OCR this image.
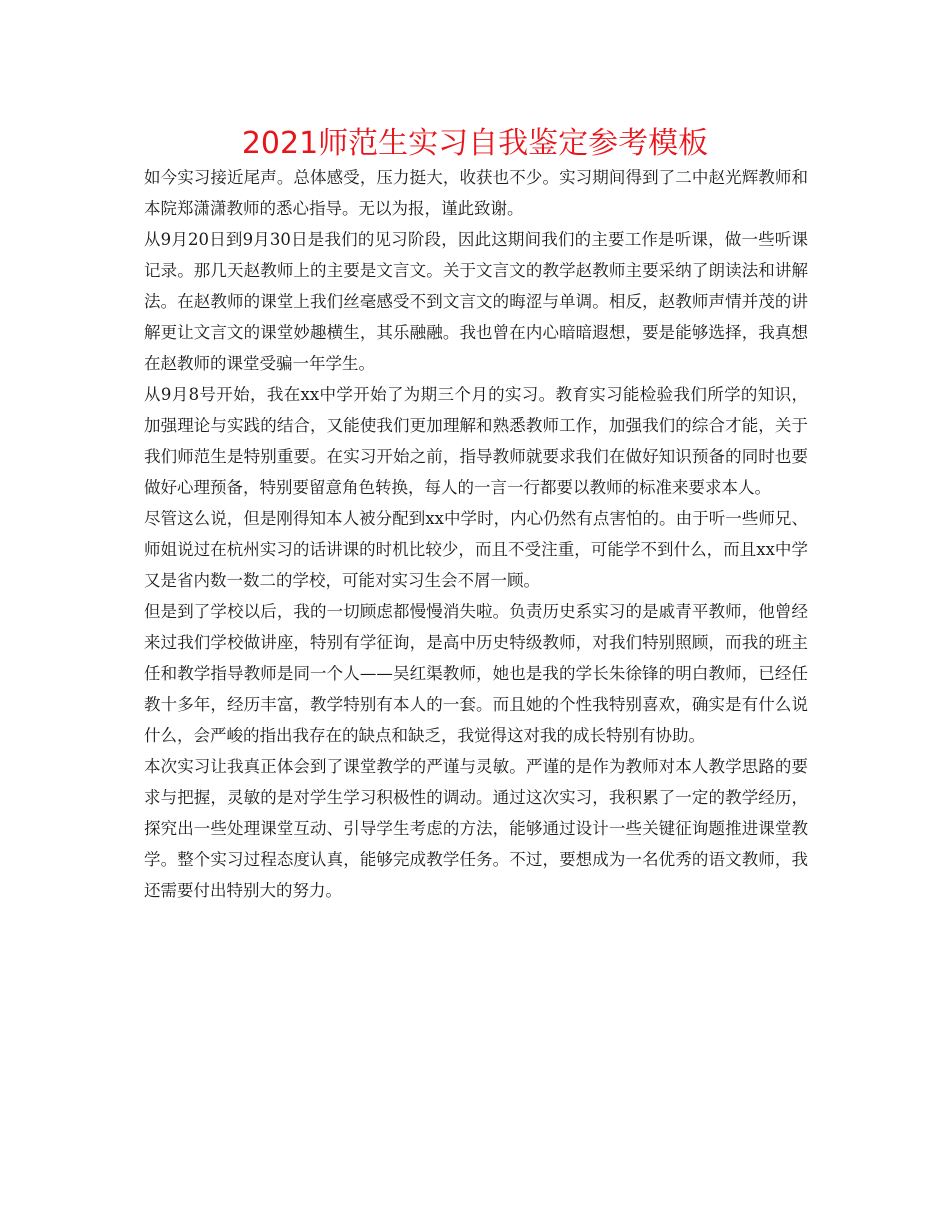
2021师范生实习自我鉴定参考模板

如今实习接近尾声。总体感受，压力挺大，收获也不少。实习期间得到了二中赵光辉教师和本院郑潇潇教师的悉心指导。无以为报，谨此致谢。

从9月20日到9月30日是我们的见习阶段，因此这期间我们的主要工作是听课，做一些听课记录。那几天赵教师上的主要是文言文。关于文言文的教学赵教师主要采纳了朗读法和讲解法。在赵教师的课堂上我们丝毫感受不到文言文的晦涩与单调。相反，赵教师声情并茂的讲解更让文言文的课堂妙趣横生，其乐融融。我也曾在内心暗暗遐想，要是能够选择，我真想在赵教师的课堂受骗一年学生。

从9月8号开始，我在xx中学开始了为期三个月的实习。教育实习能检验我们所学的知识，加强理论与实践的结合，又能使我们更加理解和熟悉教师工作，加强我们的综合才能，关于我们师范生是特别重要。在实习开始之前，指导教师就要求我们在做好知识预备的同时也要做好心理预备，特别要留意角色转换，每人的一言一行都要以教师的标准来要求本人。

尽管这么说，但是刚得知本人被分配到xx中学时，内心仍然有点害怕的。由于听一些师兄、师姐说过在杭州实习的话讲课的时机比较少，而且不受注重，可能学不到什么，而且xx中学又是省内数一数二的学校，可能对实习生会不屑一顾。

但是到了学校以后，我的一切顾虑都慢慢消失啦。负责历史系实习的是戚青平教师，他曾经来过我们学校做讲座，特别有学征询，是高中历史特级教师，对我们特别照顾，而我的班主任和教学指导教师是同一个人——吴红渠教师，她也是我的学长朱徐锋的明白教师，已经任教十多年，经历丰富，教学特别有本人的一套。而且她的个性我特别喜欢，确实是有什么说什么，会严峻的指出我存在的缺点和缺乏，我觉得这对我的成长特别有协助。

本次实习让我真正体会到了课堂教学的严谨与灵敏。严谨的是作为教师对本人教学思路的要求与把握，灵敏的是对学生学习积极性的调动。通过这次实习，我积累了一定的教学经历，探究出一些处理课堂互动、引导学生考虑的方法，能够通过设计一些关键征询题推进课堂教学。整个实习过程态度认真，能够完成教学任务。不过，要想成为一名优秀的语文教师，我还需要付出特别大的努力。
